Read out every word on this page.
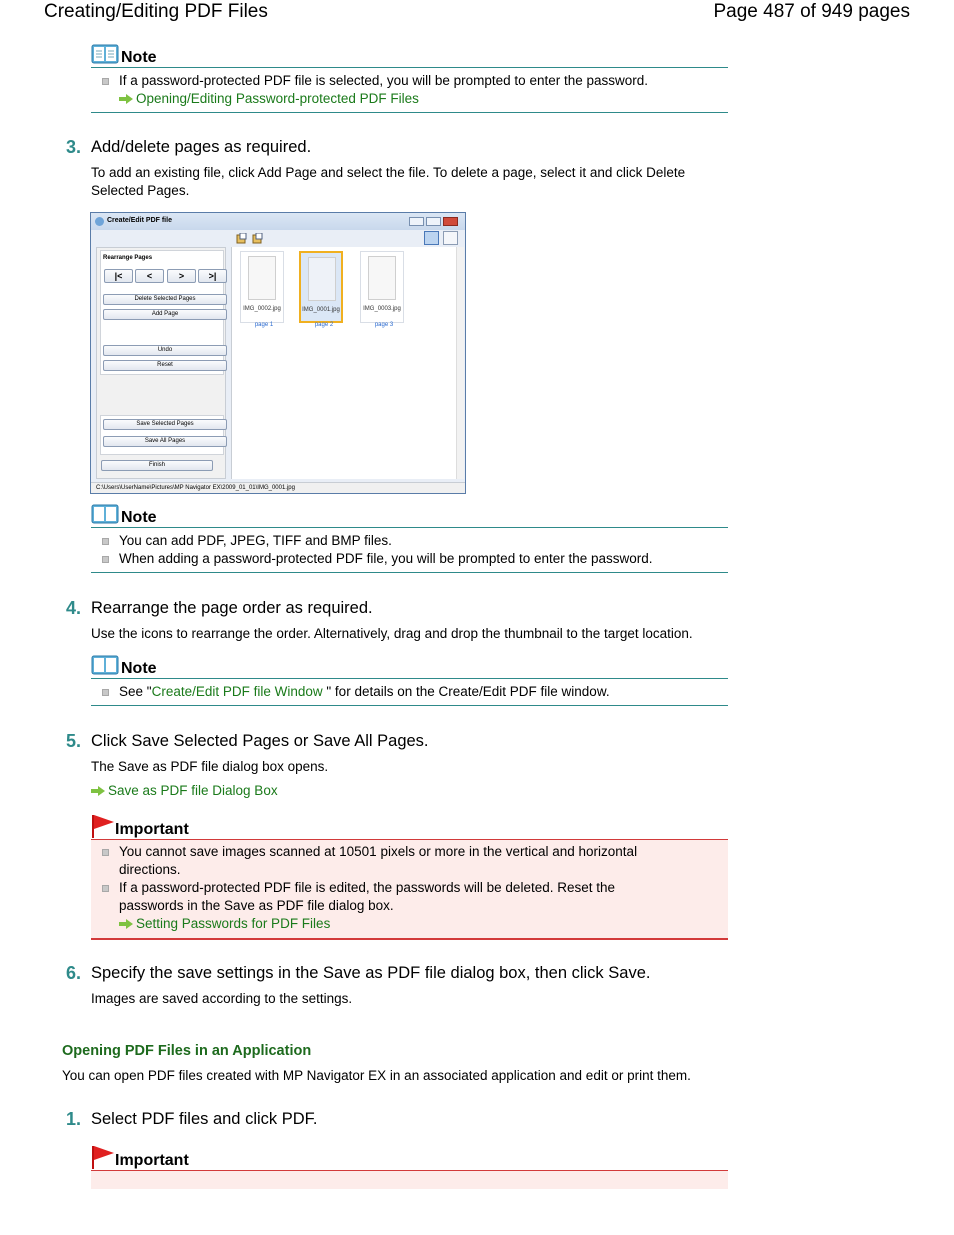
Creating/Editing PDF Files	Page 487 of 949 pages
Note
If a password-protected PDF file is selected, you will be prompted to enter the password.
Opening/Editing Password-protected PDF Files
3. Add/delete pages as required.
To add an existing file, click Add Page and select the file. To delete a page, select it and click Delete Selected Pages.
Create/Edit PDF file
Rearrange Pages
|<	<	>	>|
Delete Selected Pages
Add Page
Undo
Reset
Save Selected Pages
Save All Pages
Finish
IMG_0002.jpg	IMG_0001.jpg	IMG_0003.jpg
page 1	page 2	page 3
C:\Users\UserName\Pictures\MP Navigator EX\2009_01_01\IMG_0001.jpg
Note
You can add PDF, JPEG, TIFF and BMP files.
When adding a password-protected PDF file, you will be prompted to enter the password.
4. Rearrange the page order as required.
Use the icons to rearrange the order. Alternatively, drag and drop the thumbnail to the target location.
Note
See "Create/Edit PDF file Window " for details on the Create/Edit PDF file window.
5. Click Save Selected Pages or Save All Pages.
The Save as PDF file dialog box opens.
Save as PDF file Dialog Box
Important
You cannot save images scanned at 10501 pixels or more in the vertical and horizontal directions.
If a password-protected PDF file is edited, the passwords will be deleted. Reset the passwords in the Save as PDF file dialog box.
Setting Passwords for PDF Files
6. Specify the save settings in the Save as PDF file dialog box, then click Save.
Images are saved according to the settings.
Opening PDF Files in an Application
You can open PDF files created with MP Navigator EX in an associated application and edit or print them.
1. Select PDF files and click PDF.
Important
